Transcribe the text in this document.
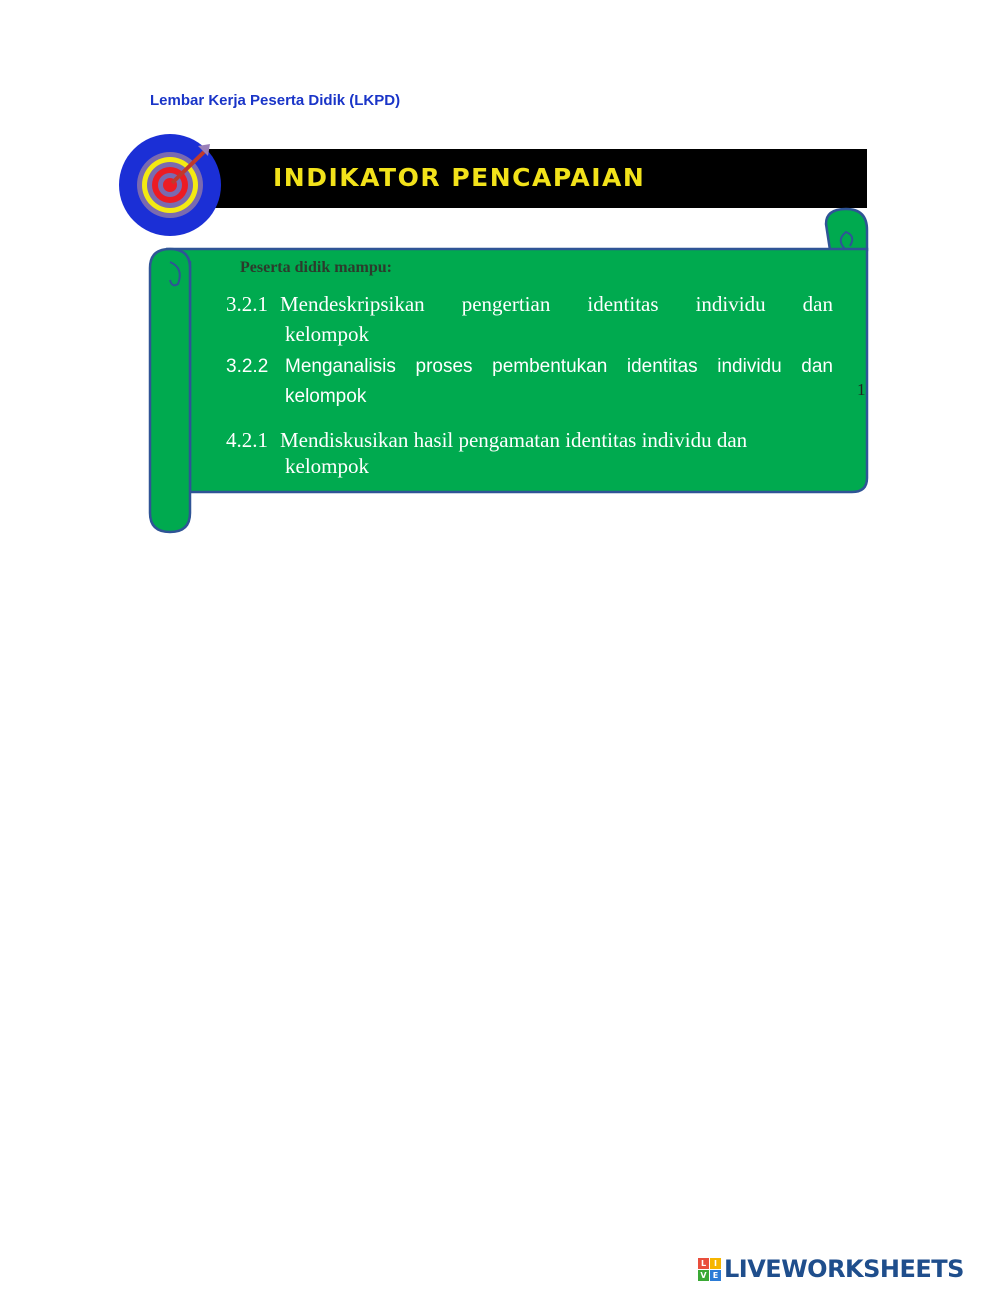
Lembar Kerja Peserta Didik (LKPD)
INDIKATOR PENCAPAIAN
Peserta didik mampu:
3.2.1 Mendeskripsikan pengertian identitas individu dan
kelompok
3.2.2 Menganalisis proses pembentukan identitas individu dan
kelompok
4.2.1 Mendiskusikan hasil pengamatan identitas individu dan
kelompok
1
L I
V E LIVEWORKSHEETS
